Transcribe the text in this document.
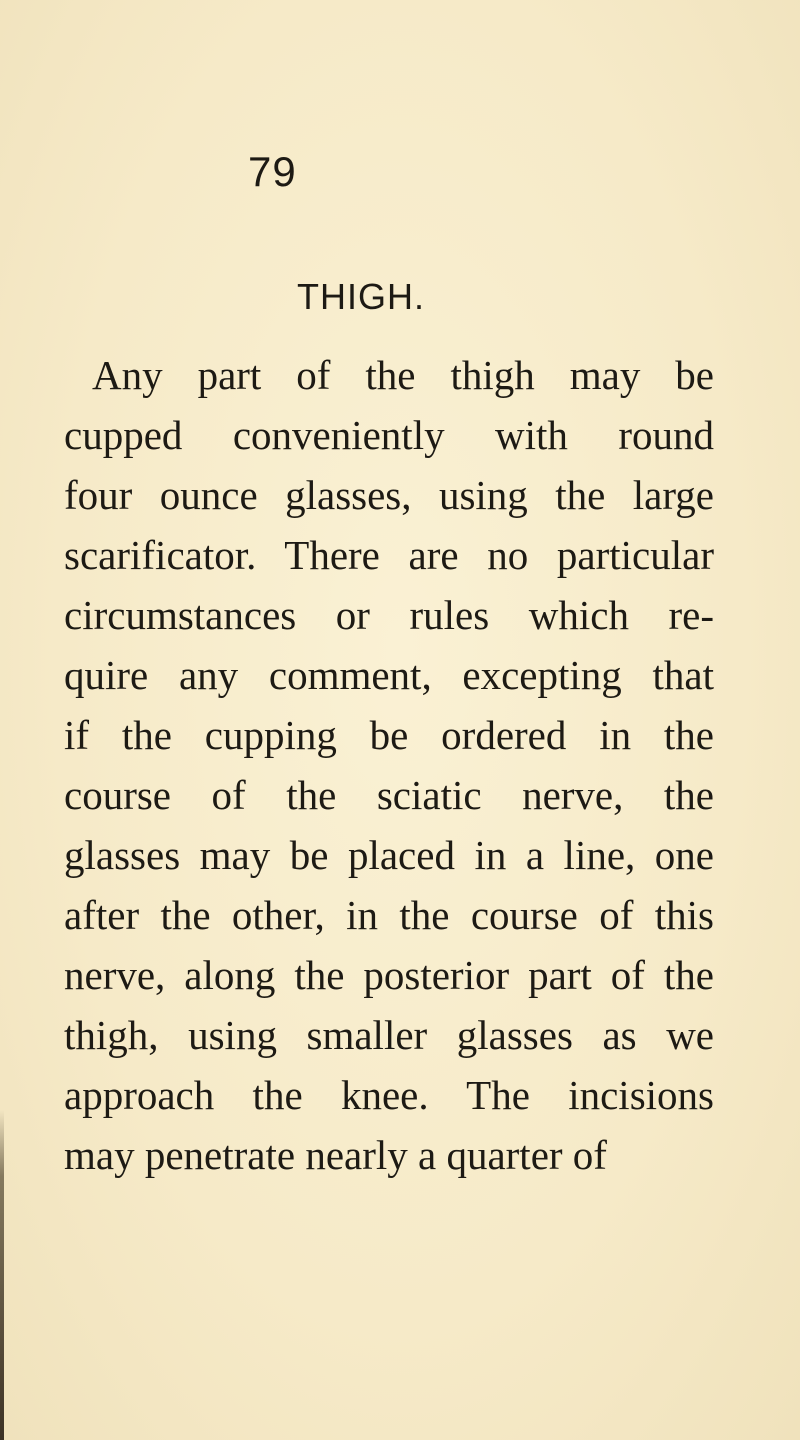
79
THIGH.
Any part of the thigh may be
cupped conveniently with round
four ounce glasses, using the large
scarificator. There are no particular
circumstances or rules which re-
quire any comment, excepting that
if the cupping be ordered in the
course of the sciatic nerve, the
glasses may be placed in a line, one
after the other, in the course of this
nerve, along the posterior part of the
thigh, using smaller glasses as we
approach the knee. The incisions
may penetrate nearly a quarter of
